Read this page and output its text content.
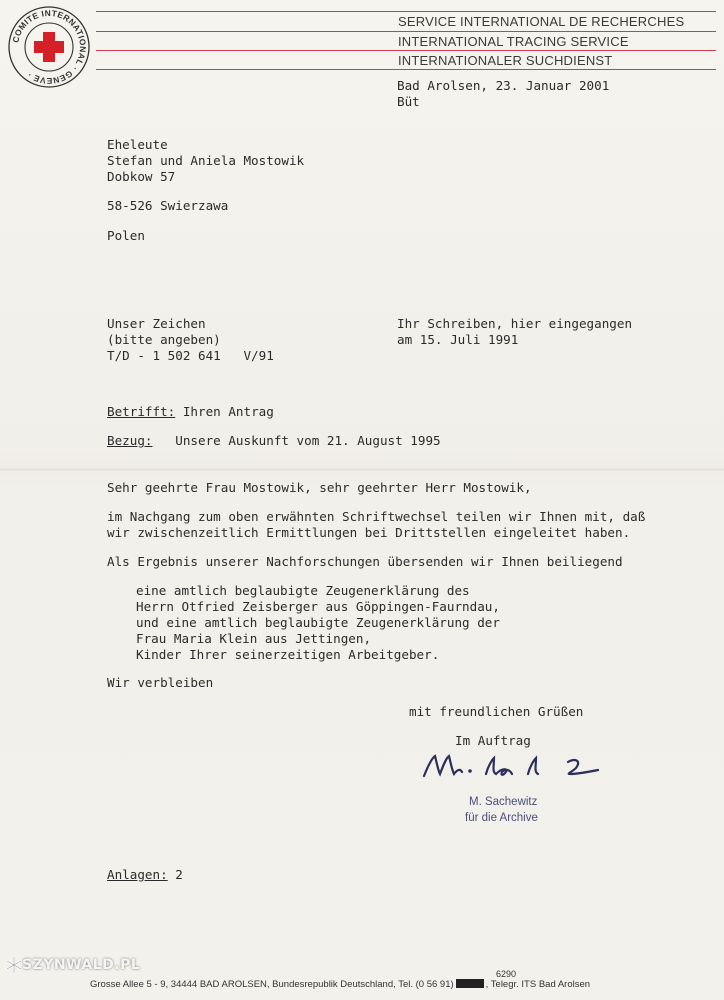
COMITE INTERNATIONAL · GENEVE ·
SERVICE INTERNATIONAL DE RECHERCHES
INTERNATIONAL TRACING SERVICE
INTERNATIONALER SUCHDIENST
Bad Arolsen, 23. Januar 2001
Büt
Eheleute
Stefan und Aniela Mostowik
Dobkow 57
58-526 Swierzawa
Polen
Unser Zeichen
(bitte angeben)
T/D - 1 502 641   V/91
Ihr Schreiben, hier eingegangen
am 15. Juli 1991
Betrifft: Ihren Antrag
Bezug:   Unsere Auskunft vom 21. August 1995
Sehr geehrte Frau Mostowik, sehr geehrter Herr Mostowik,
im Nachgang zum oben erwähnten Schriftwechsel teilen wir Ihnen mit, daß
wir zwischenzeitlich Ermittlungen bei Drittstellen eingeleitet haben.
Als Ergebnis unserer Nachforschungen übersenden wir Ihnen beiliegend
eine amtlich beglaubigte Zeugenerklärung des
Herrn Otfried Zeisberger aus Göppingen-Faurndau,
und eine amtlich beglaubigte Zeugenerklärung der
Frau Maria Klein aus Jettingen,
Kinder Ihrer seinerzeitigen Arbeitgeber.
Wir verbleiben
mit freundlichen Grüßen
Im Auftrag
M. Sachewitz
für die Archive
Anlagen: 2
6290
Grosse Allee 5 - 9, 34444 BAD AROLSEN, Bundesrepublik Deutschland, Tel. (0 56 91)	, Telegr. ITS Bad Arolsen
SZYNWALD.PL
